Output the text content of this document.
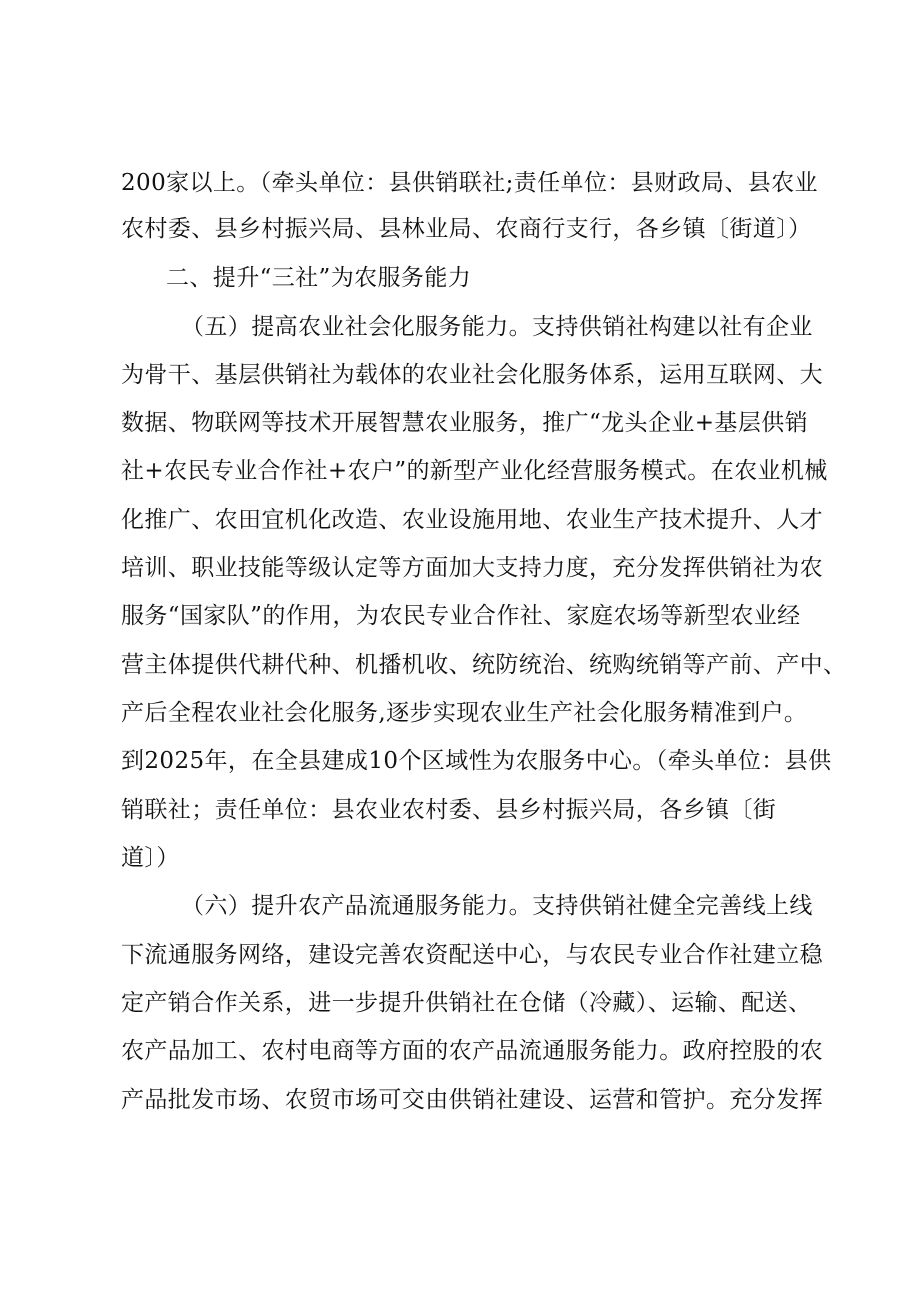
200家以上。（牵头单位：县供销联社;责任单位：县财政局、县农业
农村委、县乡村振兴局、县林业局、农商行支行，各乡镇〔街道〕）
二、提升“三社”为农服务能力
（五）提高农业社会化服务能力。支持供销社构建以社有企业
为骨干、基层供销社为载体的农业社会化服务体系，运用互联网、大
数据、物联网等技术开展智慧农业服务，推广“龙头企业+基层供销
社+农民专业合作社+农户”的新型产业化经营服务模式。在农业机械
化推广、农田宜机化改造、农业设施用地、农业生产技术提升、人才
培训、职业技能等级认定等方面加大支持力度，充分发挥供销社为农
服务“国家队”的作用，为农民专业合作社、家庭农场等新型农业经
营主体提供代耕代种、机播机收、统防统治、统购统销等产前、产中、
产后全程农业社会化服务,逐步实现农业生产社会化服务精准到户。
到2025年，在全县建成10个区域性为农服务中心。（牵头单位：县供
销联社；责任单位：县农业农村委、县乡村振兴局，各乡镇〔街
道〕）
（六）提升农产品流通服务能力。支持供销社健全完善线上线
下流通服务网络，建设完善农资配送中心，与农民专业合作社建立稳
定产销合作关系，进一步提升供销社在仓储（冷藏）、运输、配送、
农产品加工、农村电商等方面的农产品流通服务能力。政府控股的农
产品批发市场、农贸市场可交由供销社建设、运营和管护。充分发挥
